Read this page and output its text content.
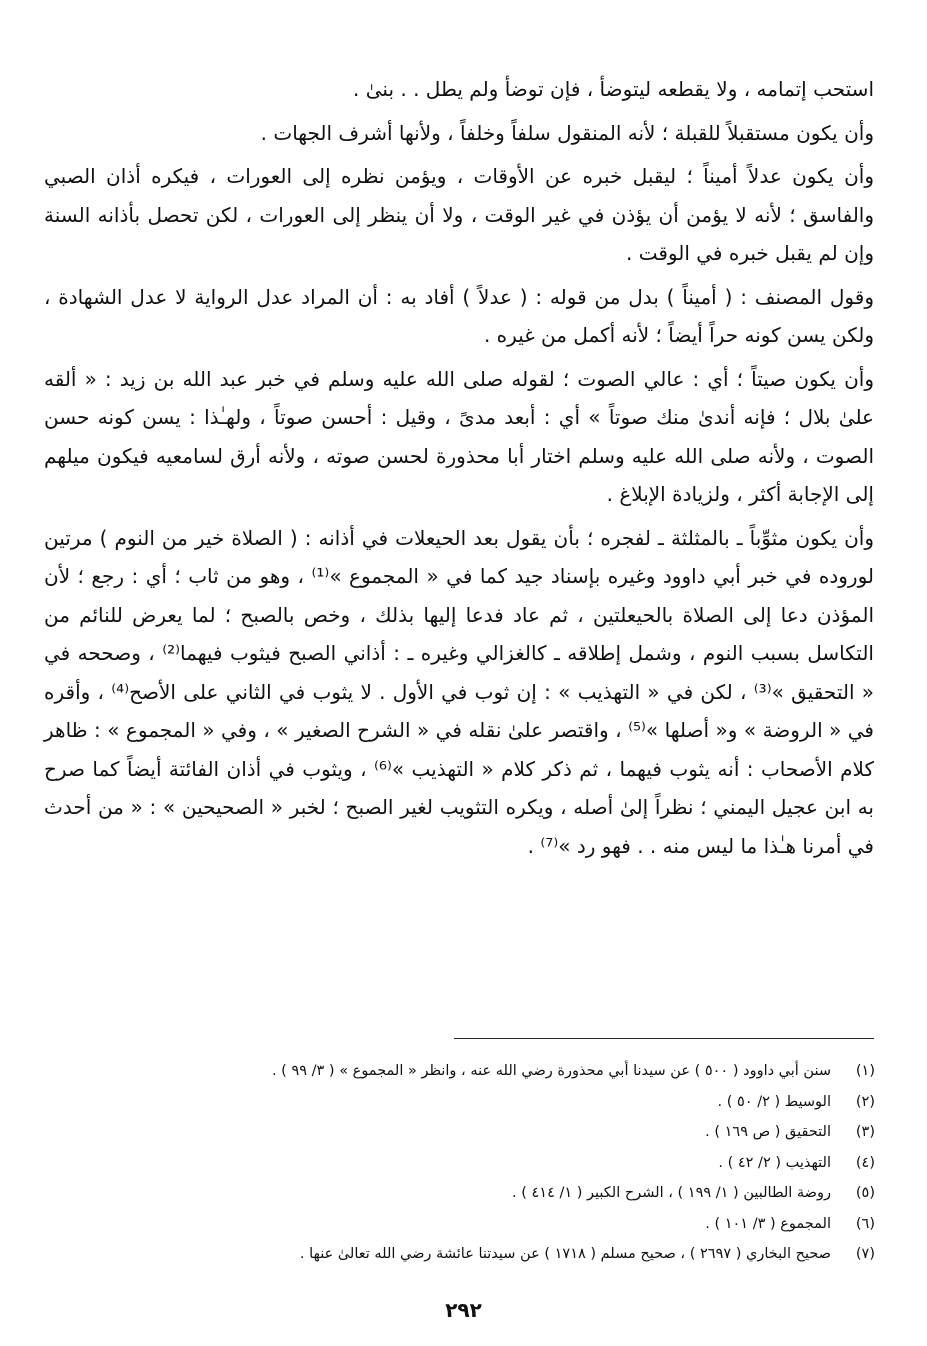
استحب إتمامه ، ولا يقطعه ليتوضأ ، فإن توضأ ولم يطل . . بنىٰ .

وأن يكون مستقبلاً للقبلة ؛ لأنه المنقول سلفاً وخلفاً ، ولأنها أشرف الجهات .

وأن يكون عدلاً أميناً ؛ ليقبل خبره عن الأوقات ، ويؤمن نظره إلى العورات ، فيكره أذان الصبي والفاسق ؛ لأنه لا يؤمن أن يؤذن في غير الوقت ، ولا أن ينظر إلى العورات ، لكن تحصل بأذانه السنة وإن لم يقبل خبره في الوقت .

وقول المصنف : ( أميناً ) بدل من قوله : ( عدلاً ) أفاد به : أن المراد عدل الرواية لا عدل الشهادة ، ولكن يسن كونه حراً أيضاً ؛ لأنه أكمل من غيره .

وأن يكون صيتاً ؛ أي : عالي الصوت ؛ لقوله صلى الله عليه وسلم في خبر عبد الله بن زيد : « ألقه علىٰ بلال ؛ فإنه أندىٰ منك صوتاً » أي : أبعد مدىً ، وقيل : أحسن صوتاً ، ولهـٰذا : يسن كونه حسن الصوت ، ولأنه صلى الله عليه وسلم اختار أبا محذورة لحسن صوته ، ولأنه أرق لسامعيه فيكون ميلهم إلى الإجابة أكثر ، ولزيادة الإبلاغ .

وأن يكون مثوِّباً ـ بالمثلثة ـ لفجره ؛ بأن يقول بعد الحيعلات في أذانه : ( الصلاة خير من النوم ) مرتين لوروده في خبر أبي داوود وغيره بإسناد جيد كما في « المجموع »⁽¹⁾ ، وهو من ثاب ؛ أي : رجع ؛ لأن المؤذن دعا إلى الصلاة بالحيعلتين ، ثم عاد فدعا إليها بذلك ، وخص بالصبح ؛ لما يعرض للنائم من التكاسل بسبب النوم ، وشمل إطلاقه ـ كالغزالي وغيره ـ : أذاني الصبح فيثوب فيهما⁽²⁾ ، وصححه في « التحقيق »⁽³⁾ ، لكن في « التهذيب » : إن ثوب في الأول . لا يثوب في الثاني على الأصح⁽⁴⁾ ، وأقره في « الروضة » و« أصلها »⁽⁵⁾ ، واقتصر علىٰ نقله في « الشرح الصغير » ، وفي « المجموع » : ظاهر كلام الأصحاب : أنه يثوب فيهما ، ثم ذكر كلام « التهذيب »⁽⁶⁾ ، ويثوب في أذان الفائتة أيضاً كما صرح به ابن عجيل اليمني ؛ نظراً إلىٰ أصله ، ويكره التثويب لغير الصبح ؛ لخبر « الصحيحين » : « من أحدث في أمرنا هـٰذا ما ليس منه . . فهو رد »⁽⁷⁾ .

(١)
سنن أبي داوود ( ٥٠٠ ) عن سيدنا أبي محذورة رضي الله عنه ، وانظر « المجموع » ( ٣/ ٩٩ ) .
(٢)
الوسيط ( ٢/ ٥٠ ) .
(٣)
التحقيق ( ص ١٦٩ ) .
(٤)
التهذيب ( ٢/ ٤٢ ) .
(٥)
روضة الطالبين ( ١/ ١٩٩ ) ، الشرح الكبير ( ١/ ٤١٤ ) .
(٦)
المجموع ( ٣/ ١٠١ ) .
(٧)
صحيح البخاري ( ٢٦٩٧ ) ، صحيح مسلم ( ١٧١٨ ) عن سيدتنا عائشة رضي الله تعالىٰ عنها .
٢٩٢
